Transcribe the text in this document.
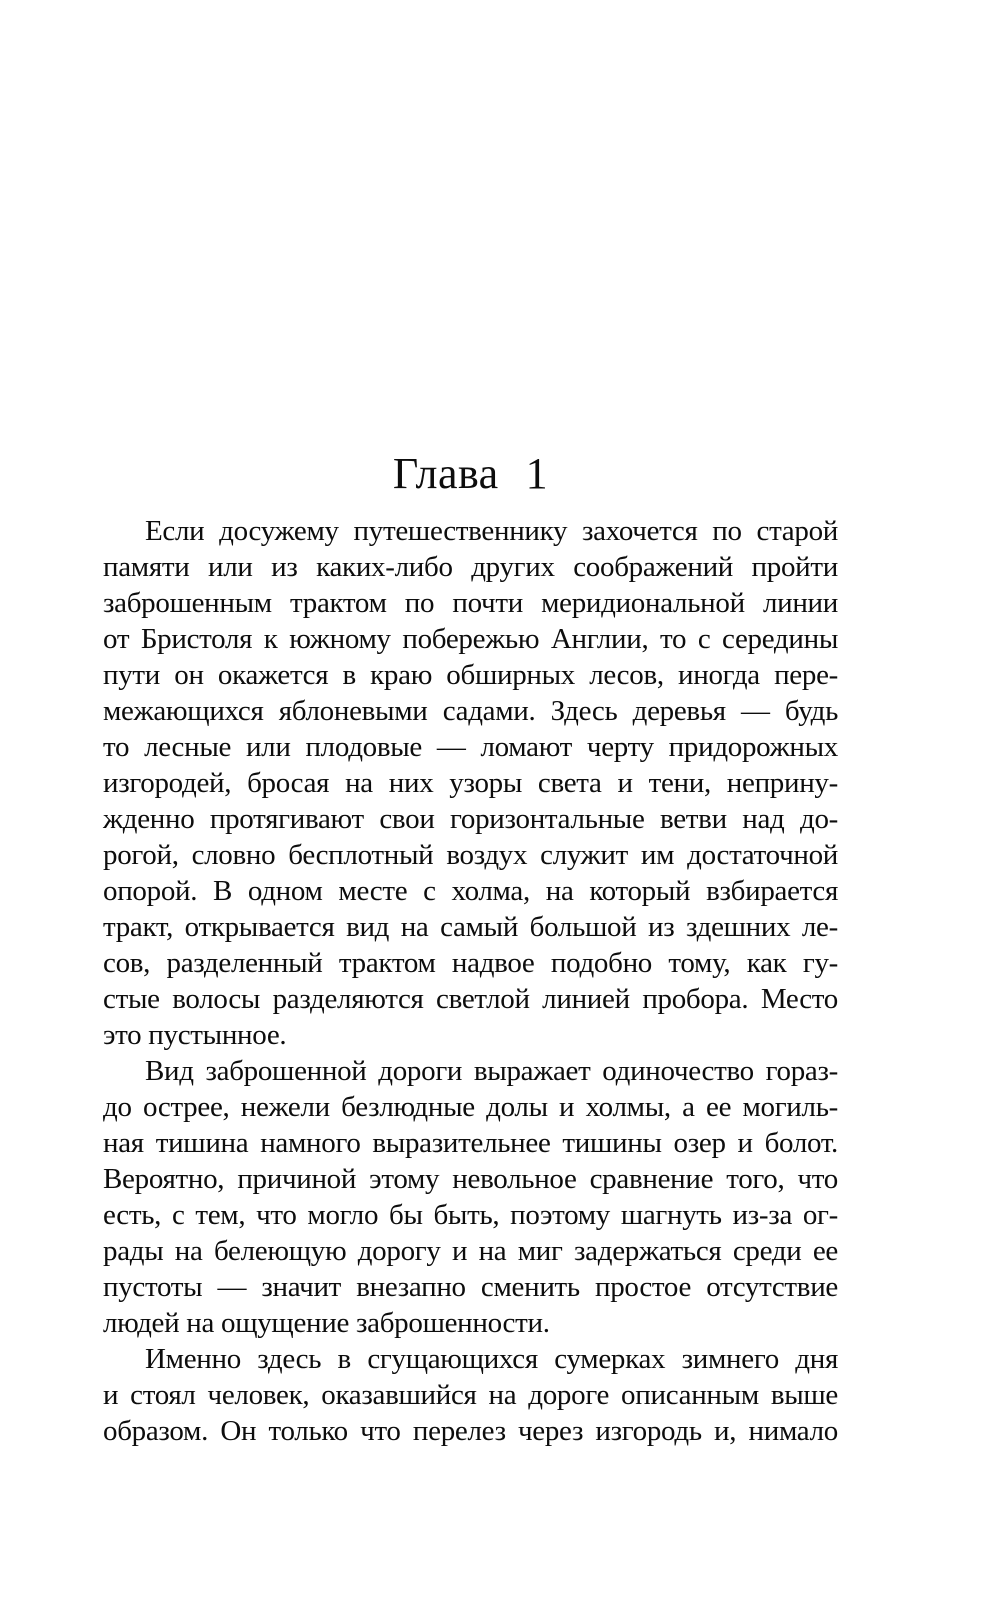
Глава 1
Если досужему путешественнику захочется по старой
памяти или из каких-либо других соображений пройти
заброшенным трактом по почти меридиональной линии
от Бристоля к южному побережью Англии, то с середины
пути он окажется в краю обширных лесов, иногда пере-
межающихся яблоневыми садами. Здесь деревья — будь
то лесные или плодовые — ломают черту придорожных
изгородей, бросая на них узоры света и тени, неприну-
жденно протягивают свои горизонтальные ветви над до-
рогой, словно бесплотный воздух служит им достаточной
опорой. В одном месте с холма, на который взбирается
тракт, открывается вид на самый большой из здешних ле-
сов, разделенный трактом надвое подобно тому, как гу-
стые волосы разделяются светлой линией пробора. Место
это пустынное.
Вид заброшенной дороги выражает одиночество гораз-
до острее, нежели безлюдные долы и холмы, а ее могиль-
ная тишина намного выразительнее тишины озер и болот.
Вероятно, причиной этому невольное сравнение того, что
есть, с тем, что могло бы быть, поэтому шагнуть из-за ог-
рады на белеющую дорогу и на миг задержаться среди ее
пустоты — значит внезапно сменить простое отсутствие
людей на ощущение заброшенности.
Именно здесь в сгущающихся сумерках зимнего дня
и стоял человек, оказавшийся на дороге описанным выше
образом. Он только что перелез через изгородь и, нимало
